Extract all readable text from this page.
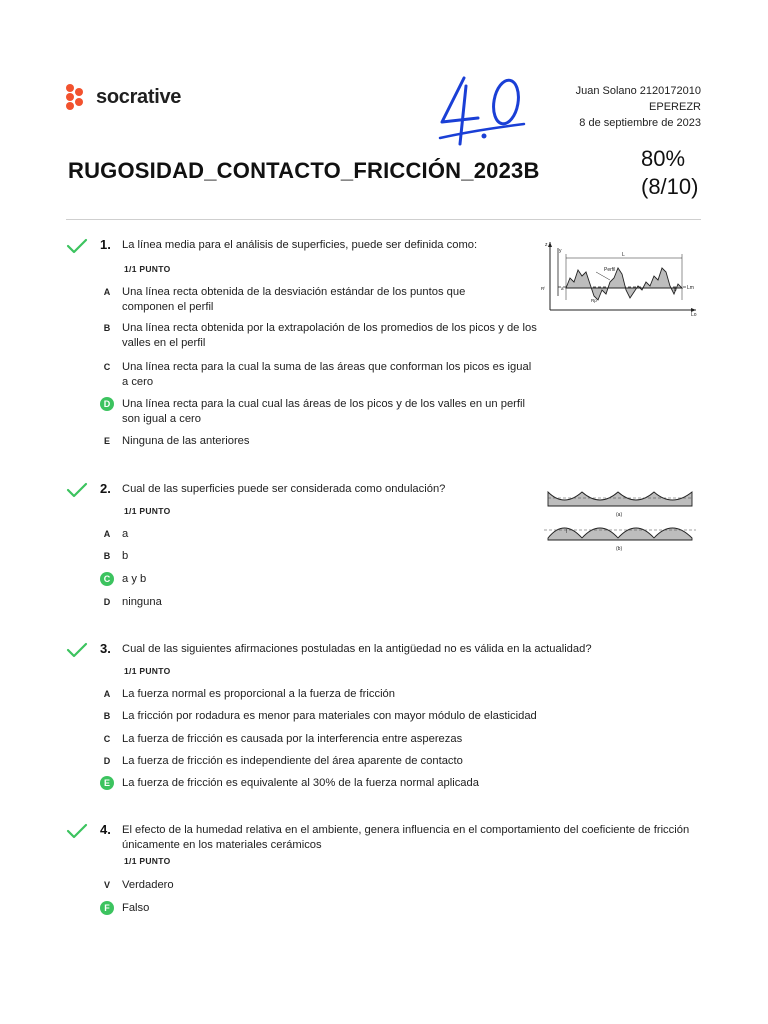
socrative
4.0
Juan Solano 2120172010
EPEREZR
8 de septiembre de 2023
RUGOSIDAD_CONTACTO_FRICCIÓN_2023B	80%
(8/10)
1. La línea media para el análisis de superficies, puede ser definida como:
1/1 PUNTO
A	Una línea recta obtenida de la desviación estándar de los puntos que componen el perfil
B	Una línea recta obtenida por la extrapolación de los promedios de los picos y de los valles en el perfil
C	Una línea recta para la cual la suma de las áreas que conforman los picos es igual a cero
D	Una línea recta para la cual cual las áreas de los picos y de los valles en un perfil son igual a cero
E	Ninguna de las anteriores
z
y
L
Perfil
Lm
Lo
a	b
Rⁱ
Rp
2. Cual de las superficies puede ser considerada como ondulación?
1/1 PUNTO
A	a
B	b
C	a y b
D	ninguna
(a)
l
(b)
3. Cual de las siguientes afirmaciones postuladas en la antigüedad no es válida en la actualidad?
1/1 PUNTO
A	La fuerza normal es proporcional a la fuerza de fricción
B	La fricción por rodadura es menor para materiales con mayor módulo de elasticidad
C	La fuerza de fricción es causada por la interferencia entre asperezas
D	La fuerza de fricción es independiente del área aparente de contacto
E	La fuerza de fricción es equivalente al 30% de la fuerza normal aplicada
4. El efecto de la humedad relativa en el ambiente, genera influencia en el comportamiento del coeficiente de fricción únicamente en los materiales cerámicos
1/1 PUNTO
V	Verdadero
F	Falso
